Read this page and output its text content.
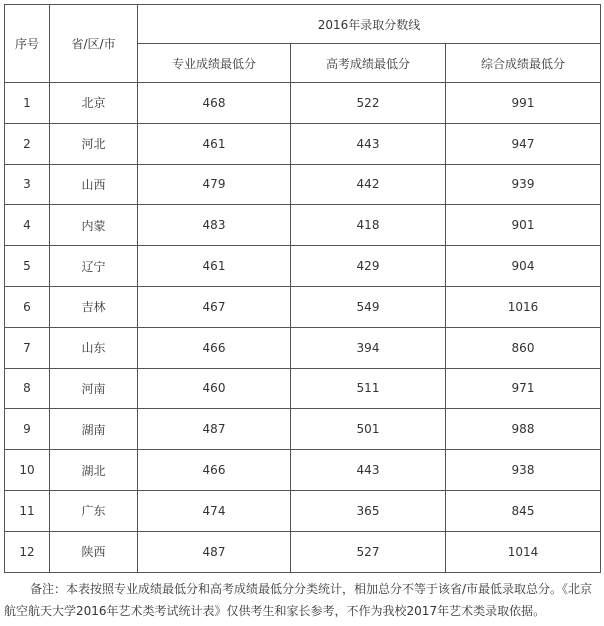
序号	省/区/市	2016年录取分数线		
		专业成绩最低分	高考成绩最低分	综合成绩最低分
1	北京	468	522	991
2	河北	461	443	947
3	山西	479	442	939
4	内蒙	483	418	901
5	辽宁	461	429	904
6	吉林	467	549	1016
7	山东	466	394	860
8	河南	460	511	971
9	湖南	487	501	988
10	湖北	466	443	938
11	广东	474	365	845
12	陕西	487	527	1014
备注：本表按照专业成绩最低分和高考成绩最低分分类统计，相加总分不等于该省/市最低录取总分。《北京航空航天大学2016年艺术类考试统计表》仅供考生和家长参考，不作为我校2017年艺术类录取依据。
